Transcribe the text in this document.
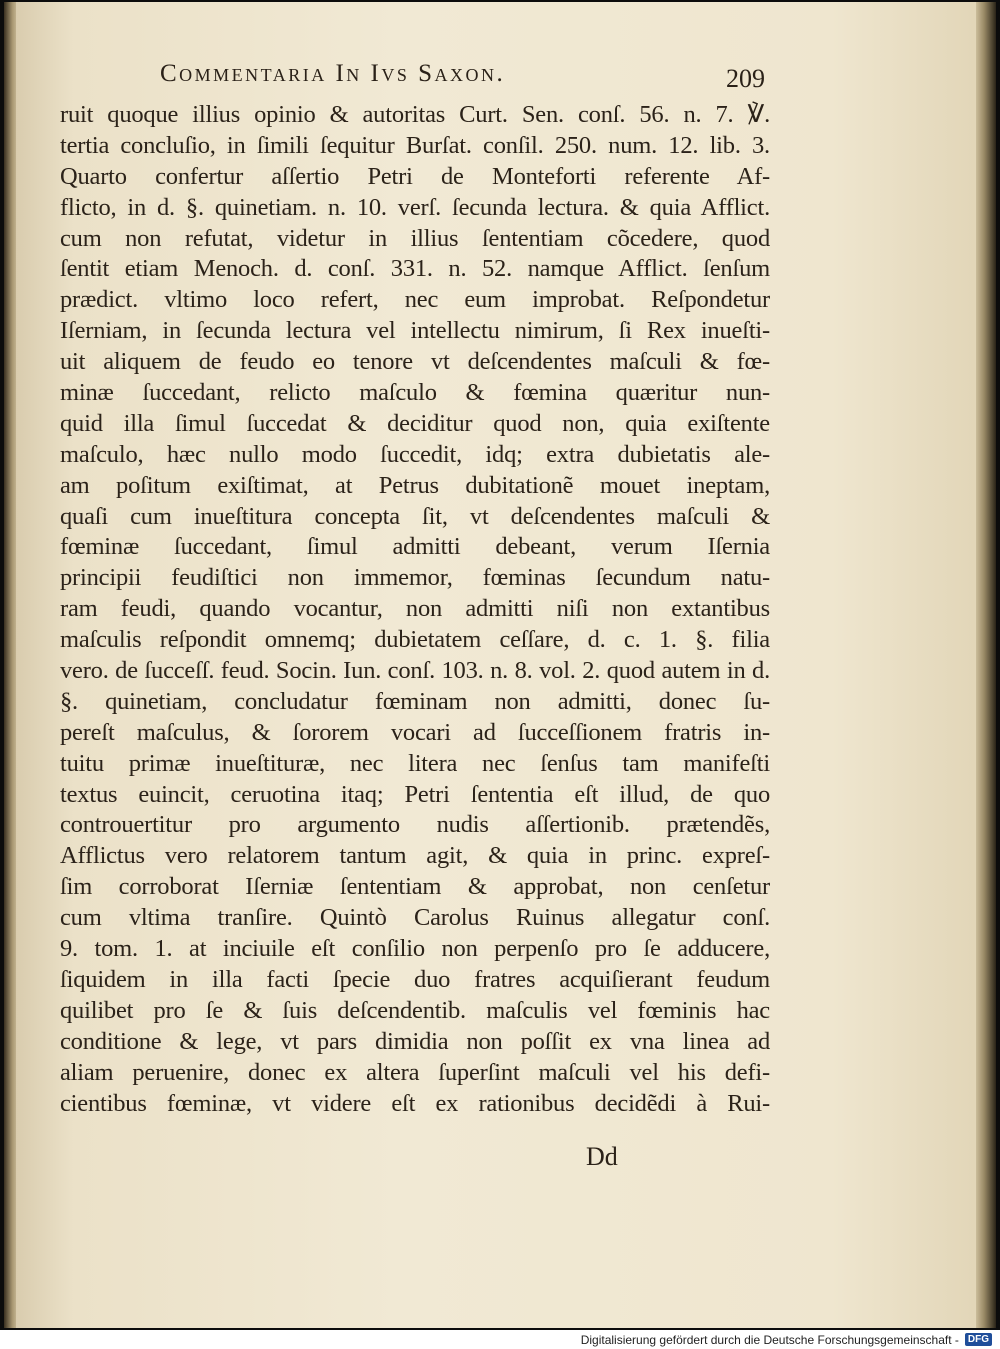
Commentaria In Ivs Saxon.	209
ruit quoque illius opinio & autoritas Curt. Sen. conſ. 56. n. 7. ℣.
tertia concluſio, in ſimili ſequitur Burſat. conſil. 250. num. 12. lib. 3.
Quarto confertur aſſertio Petri de Monteforti referente Af-
flicto, in d. §. quinetiam. n. 10. verſ. ſecunda lectura. & quia Afflict.
cum non refutat, videtur in illius ſententiam cõcedere, quod
ſentit etiam Menoch. d. conſ. 331. n. 52. namque Afflict. ſenſum
prædict. vltimo loco refert, nec eum improbat. Reſpondetur
Iſerniam, in ſecunda lectura vel intellectu nimirum, ſi Rex inueſti-
uit aliquem de feudo eo tenore vt deſcendentes maſculi & fœ-
minæ ſuccedant, relicto maſculo & fœmina quæritur nun-
quid illa ſimul ſuccedat & deciditur quod non, quia exiſtente
maſculo, hæc nullo modo ſuccedit, idq; extra dubietatis ale-
am poſitum exiſtimat, at Petrus dubitationẽ mouet ineptam,
quaſi cum inueſtitura concepta ſit, vt deſcendentes maſculi &
fœminæ ſuccedant, ſimul admitti debeant, verum Iſernia
principii feudiſtici non immemor, fœminas ſecundum natu-
ram feudi, quando vocantur, non admitti niſi non extantibus
maſculis reſpondit omnemq; dubietatem ceſſare, d. c. 1. §. filia
vero. de ſucceſſ. feud. Socin. Iun. conſ. 103. n. 8. vol. 2. quod autem in d.
§. quinetiam, concludatur fœminam non admitti, donec ſu-
pereſt maſculus, & ſororem vocari ad ſucceſſionem fratris in-
tuitu primæ inueſtituræ, nec litera nec ſenſus tam manifeſti
textus euincit, ceruotina itaq; Petri ſententia eſt illud, de quo
controuertitur pro argumento nudis aſſertionib. prætendẽs,
Afflictus vero relatorem tantum agit, & quia in princ. expreſ-
ſim corroborat Iſerniæ ſententiam & approbat, non cenſetur
cum vltima tranſire. Quintò Carolus Ruinus allegatur conſ.
9. tom. 1. at inciuile eſt conſilio non perpenſo pro ſe adducere,
ſiquidem in illa facti ſpecie duo fratres acquiſierant feudum
quilibet pro ſe & ſuis deſcendentib. maſculis vel fœminis hac
conditione & lege, vt pars dimidia non poſſit ex vna linea ad
aliam peruenire, donec ex altera ſuperſint maſculi vel his defi-
cientibus fœminæ, vt videre eſt ex rationibus decidẽdi à Rui-
Dd
Digitalisierung gefördert durch die Deutsche Forschungsgemeinschaft - DFG
